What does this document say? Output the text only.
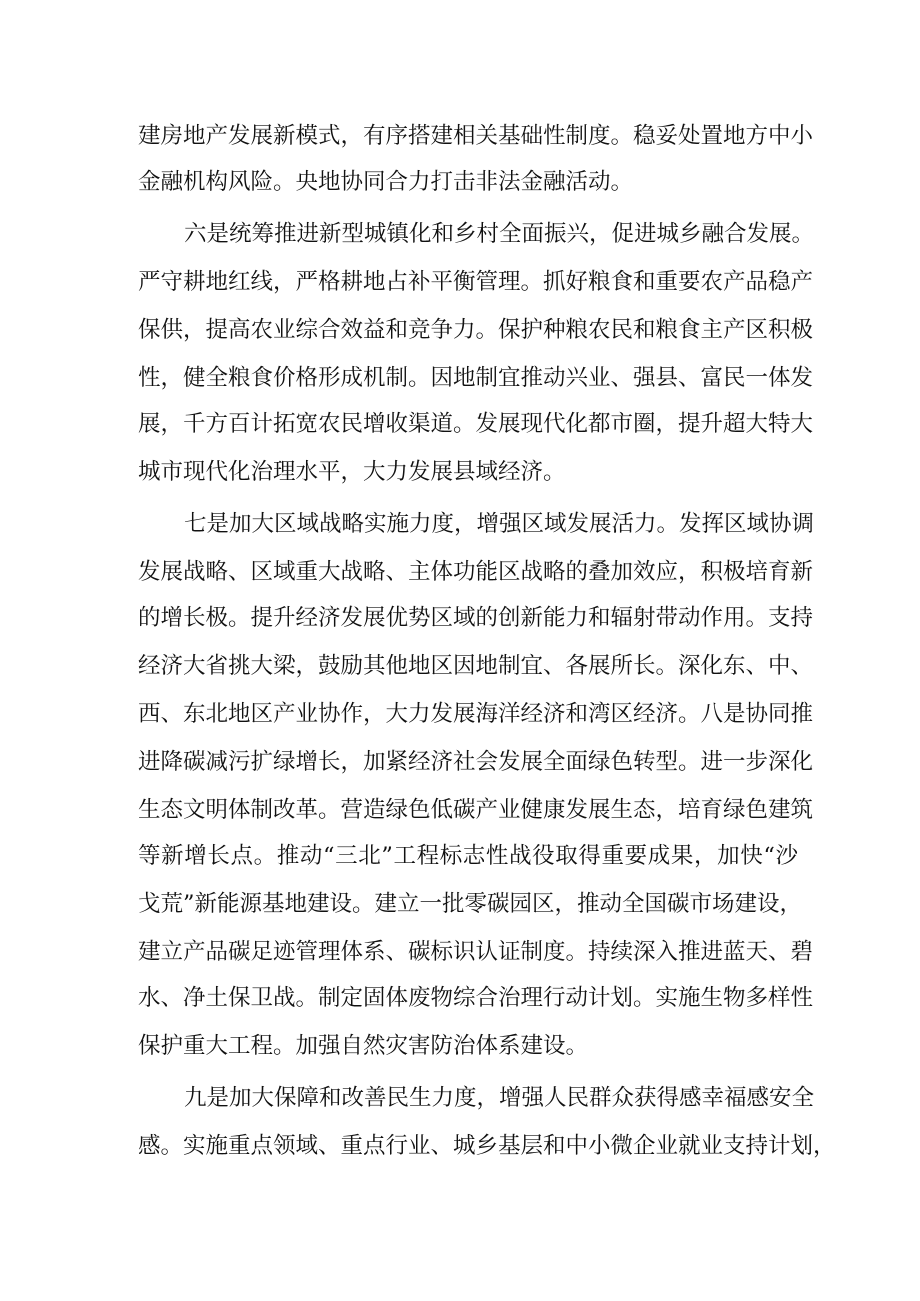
建房地产发展新模式，有序搭建相关基础性制度。稳妥处置地方中小
金融机构风险。央地协同合力打击非法金融活动。
六是统筹推进新型城镇化和乡村全面振兴，促进城乡融合发展。
严守耕地红线，严格耕地占补平衡管理。抓好粮食和重要农产品稳产
保供，提高农业综合效益和竞争力。保护种粮农民和粮食主产区积极
性，健全粮食价格形成机制。因地制宜推动兴业、强县、富民一体发
展，千方百计拓宽农民增收渠道。发展现代化都市圈，提升超大特大
城市现代化治理水平，大力发展县域经济。
七是加大区域战略实施力度，增强区域发展活力。发挥区域协调
发展战略、区域重大战略、主体功能区战略的叠加效应，积极培育新
的增长极。提升经济发展优势区域的创新能力和辐射带动作用。支持
经济大省挑大梁，鼓励其他地区因地制宜、各展所长。深化东、中、
西、东北地区产业协作，大力发展海洋经济和湾区经济。八是协同推
进降碳减污扩绿增长，加紧经济社会发展全面绿色转型。进一步深化
生态文明体制改革。营造绿色低碳产业健康发展生态，培育绿色建筑
等新增长点。推动“三北”工程标志性战役取得重要成果，加快“沙
戈荒”新能源基地建设。建立一批零碳园区，推动全国碳市场建设，
建立产品碳足迹管理体系、碳标识认证制度。持续深入推进蓝天、碧
水、净土保卫战。制定固体废物综合治理行动计划。实施生物多样性
保护重大工程。加强自然灾害防治体系建设。
九是加大保障和改善民生力度，增强人民群众获得感幸福感安全
感。实施重点领域、重点行业、城乡基层和中小微企业就业支持计划，
